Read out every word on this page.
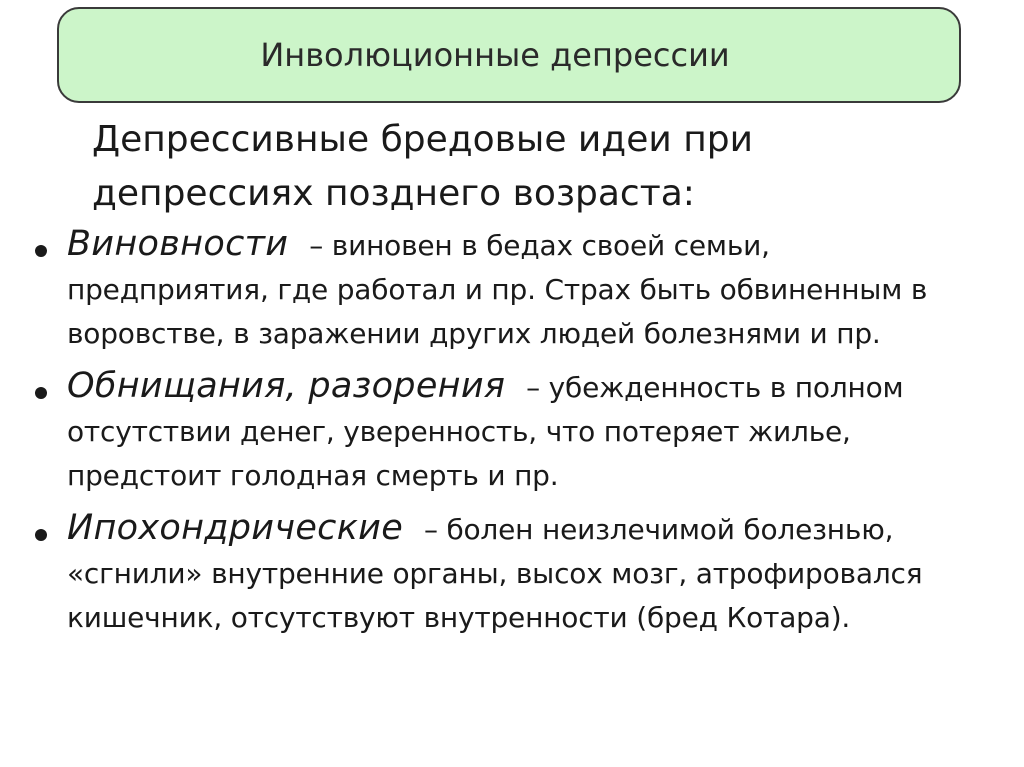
Инволюционные депрессии

Депрессивные бредовые идеи при депрессиях позднего возраста:

Виновности – виновен в бедах своей семьи,
предприятия, где работал и пр. Страх быть обвиненным в воровстве, в заражении других людей болезнями и пр.
Обнищания, разорения – убежденность в полном
отсутствии денег, уверенность, что потеряет жилье, предстоит голодная смерть и пр.
Ипохондрические – болен неизлечимой болезнью,
«сгнили» внутренние органы, высох мозг, атрофировался кишечник, отсутствуют внутренности (бред Котара).
